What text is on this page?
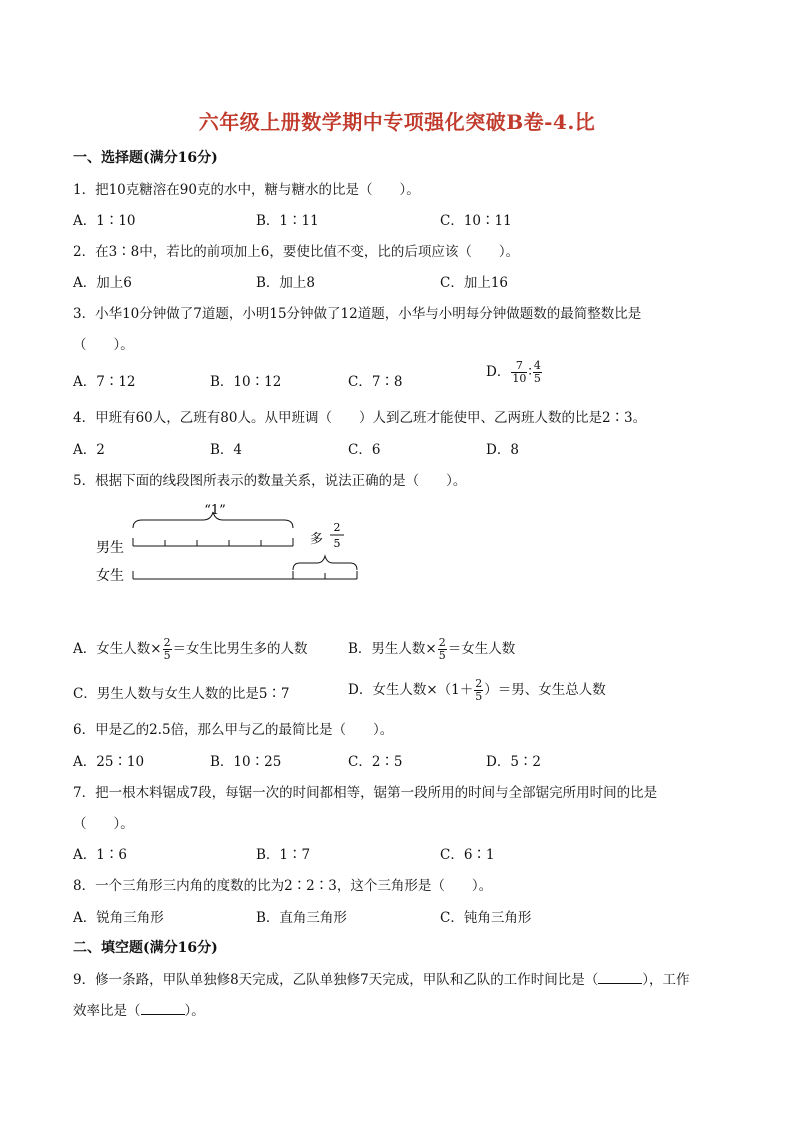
六年级上册数学期中专项强化突破B卷-4.比
一、选择题(满分16分)
1．把10克糖溶在90克的水中，糖与糖水的比是（　　）。
A．1∶10	B．1∶11	C．10∶11
2．在3∶8中，若比的前项加上6，要使比值不变，比的后项应该（　　）。
A．加上6	B．加上8	C．加上16
3．小华10分钟做了7道题，小明15分钟做了12道题，小华与小明每分钟做题数的最简整数比是
（　　）。
A．7∶12	B．10∶12	C．7∶8
D． $\frac{7}{10}$ ∶ $\frac{4}{5}$
4．甲班有60人，乙班有80人。从甲班调（　　）人到乙班才能使甲、乙两班人数的比是2∶3。
A．2	B．4	C．6	D．8
5．根据下面的线段图所表示的数量关系，说法正确的是（　　）。
“1”
男生
女生
多
2
5
A．女生人数× $\frac{2}{5}$ ＝女生比男生多的人数	B．男生人数× $\frac{2}{5}$ ＝女生人数
C．男生人数与女生人数的比是5∶7	D．女生人数$\times(1+ \frac{2}{5}$ ）＝男、女生总人数
6．甲是乙的2.5倍，那么甲与乙的最简比是（　　）。
A．25∶10	B．10∶25	C．2∶5	D．5∶2
7．把一根木料锯成7段，每锯一次的时间都相等，锯第一段所用的时间与全部锯完所用时间的比是
（　　）。
A．1∶6	B．1∶7	C．6∶1
8．一个三角形三内角的度数的比为2∶2∶3，这个三角形是（　　）。
A．锐角三角形	B．直角三角形	C．钝角三角形
二、填空题(满分16分)
9．修一条路，甲队单独修8天完成，乙队单独修7天完成，甲队和乙队的工作时间比是（	），工作
效率比是（	）。
